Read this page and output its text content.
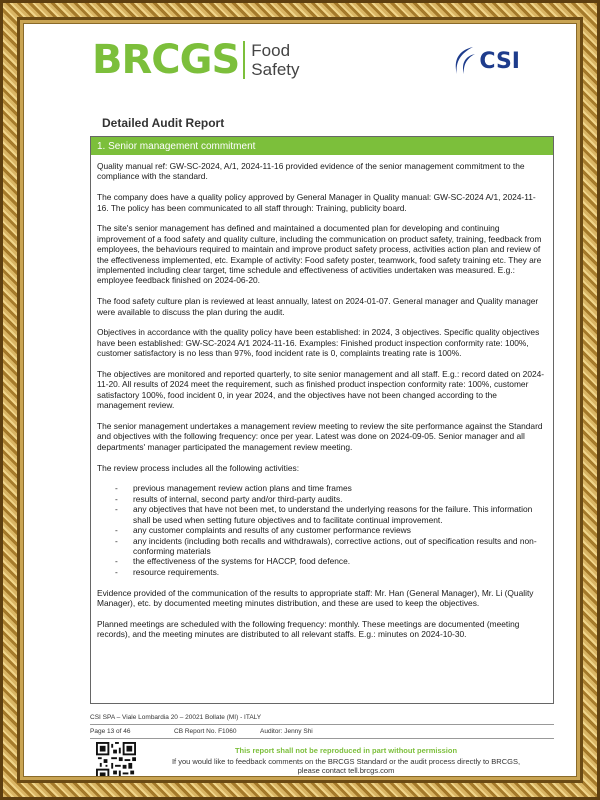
BRCGS Food
Safety	CSI
Detailed Audit Report
1. Senior management commitment

Quality manual ref: GW-SC-2024, A/1, 2024-11-16 provided evidence of the senior management commitment to the compliance with the standard.

The company does have a quality policy approved by General Manager in Quality manual: GW-SC-2024 A/1, 2024-11-16. The policy has been communicated to all staff through: Training, publicity board.

The site's senior management has defined and maintained a documented plan for developing and continuing improvement of a food safety and quality culture, including the communication on product safety, training, feedback from employees, the behaviours required to maintain and improve product safety process, activities action plan and review of the effectiveness implemented, etc. Example of activity: Food safety poster, teamwork, food safety training etc. They are implemented including clear target, time schedule and effectiveness of activities undertaken was measured. E.g.: employee feedback finished on 2024-06-20.

The food safety culture plan is reviewed at least annually, latest on 2024-01-07. General manager and Quality manager were available to discuss the plan during the audit.

Objectives in accordance with the quality policy have been established: in 2024, 3 objectives. Specific quality objectives have been established: GW-SC-2024 A/1 2024-11-16. Examples: Finished product inspection conformity rate: 100%, customer satisfactory is no less than 97%, food incident rate is 0, complaints treating rate is 100%.

The objectives are monitored and reported quarterly, to site senior management and all staff. E.g.: record dated on 2024-11-20. All results of 2024 meet the requirement, such as finished product inspection conformity rate: 100%, customer satisfactory 100%, food incident 0, in year 2024, and the objectives have not been changed according to the management review.

The senior management undertakes a management review meeting to review the site performance against the Standard and objectives with the following frequency: once per year. Latest was done on 2024-09-05. Senior manager and all departments' manager participated the management review meeting.

The review process includes all the following activities:

- previous management review action plans and time frames
- results of internal, second party and/or third-party audits.
- any objectives that have not been met, to understand the underlying reasons for the failure. This information shall be used when setting future objectives and to facilitate continual improvement.
- any customer complaints and results of any customer performance reviews
- any incidents (including both recalls and withdrawals), corrective actions, out of specification results and non-conforming materials
- the effectiveness of the systems for HACCP, food defence.
- resource requirements.

Evidence provided of the communication of the results to appropriate staff: Mr. Han (General Manager), Mr. Li (Quality Manager), etc. by documented meeting minutes distribution, and these are used to keep the objectives.

Planned meetings are scheduled with the following frequency: monthly. These meetings are documented (meeting records), and the meeting minutes are distributed to all relevant staffs. E.g.: minutes on 2024-10-30.

CSI SPA – Viale Lombardia 20 – 20021 Bollate (MI) - ITALY
Page 13 of 46	CB Report No. F1060	Auditor: Jenny Shi
This report shall not be reproduced in part without permission
If you would like to feedback comments on the BRCGS Standard or the audit process directly to BRCGS,
please contact tell.brcgs.com
